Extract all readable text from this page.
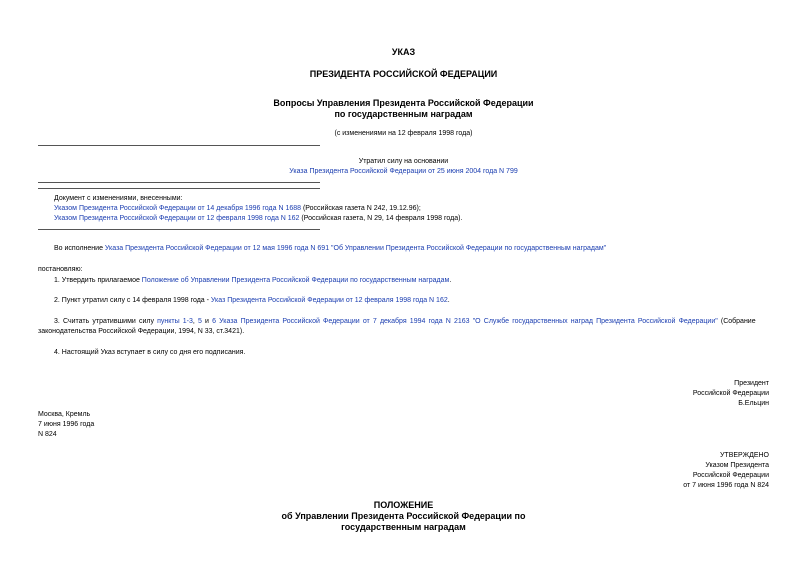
УКАЗ
ПРЕЗИДЕНТА РОССИЙСКОЙ ФЕДЕРАЦИИ
Вопросы Управления Президента Российской Федерации
по государственным наградам
(с изменениями на 12 февраля 1998 года)
Утратил силу на основании
Указа Президента Российской Федерации от 25 июня 2004 года N 799
Документ с изменениями, внесенными:
Указом Президента Российской Федерации от 14 декабря 1996 года N 1688 (Российская газета N 242, 19.12.96);
Указом Президента Российской Федерации от 12 февраля 1998 года N 162 (Российская газета, N 29, 14 февраля 1998 года).
Во исполнение Указа Президента Российской Федерации от 12 мая 1996 года N 691 "Об Управлении Президента Российской Федерации по государственным наградам"
постановляю:
1. Утвердить прилагаемое Положение об Управлении Президента Российской Федерации по государственным наградам.
2. Пункт утратил силу с 14 февраля 1998 года - Указ Президента Российской Федерации от 12 февраля 1998 года N 162.
3. Считать утратившими силу пункты 1-3, 5 и 6 Указа Президента Российской Федерации от 7 декабря 1994 года N 2163 "О Службе государственных наград Президента Российской Федерации" (Собрание
законодательства Российской Федерации, 1994, N 33, ст.3421).
4. Настоящий Указ вступает в силу со дня его подписания.
Президент
Российской Федерации
Б.Ельцин
Москва, Кремль
7 июня 1996 года
N 824
УТВЕРЖДЕНО
Указом Президента
Российской Федерации
от 7 июня 1996 года N 824
ПОЛОЖЕНИЕ
об Управлении Президента Российской Федерации по
государственным наградам
